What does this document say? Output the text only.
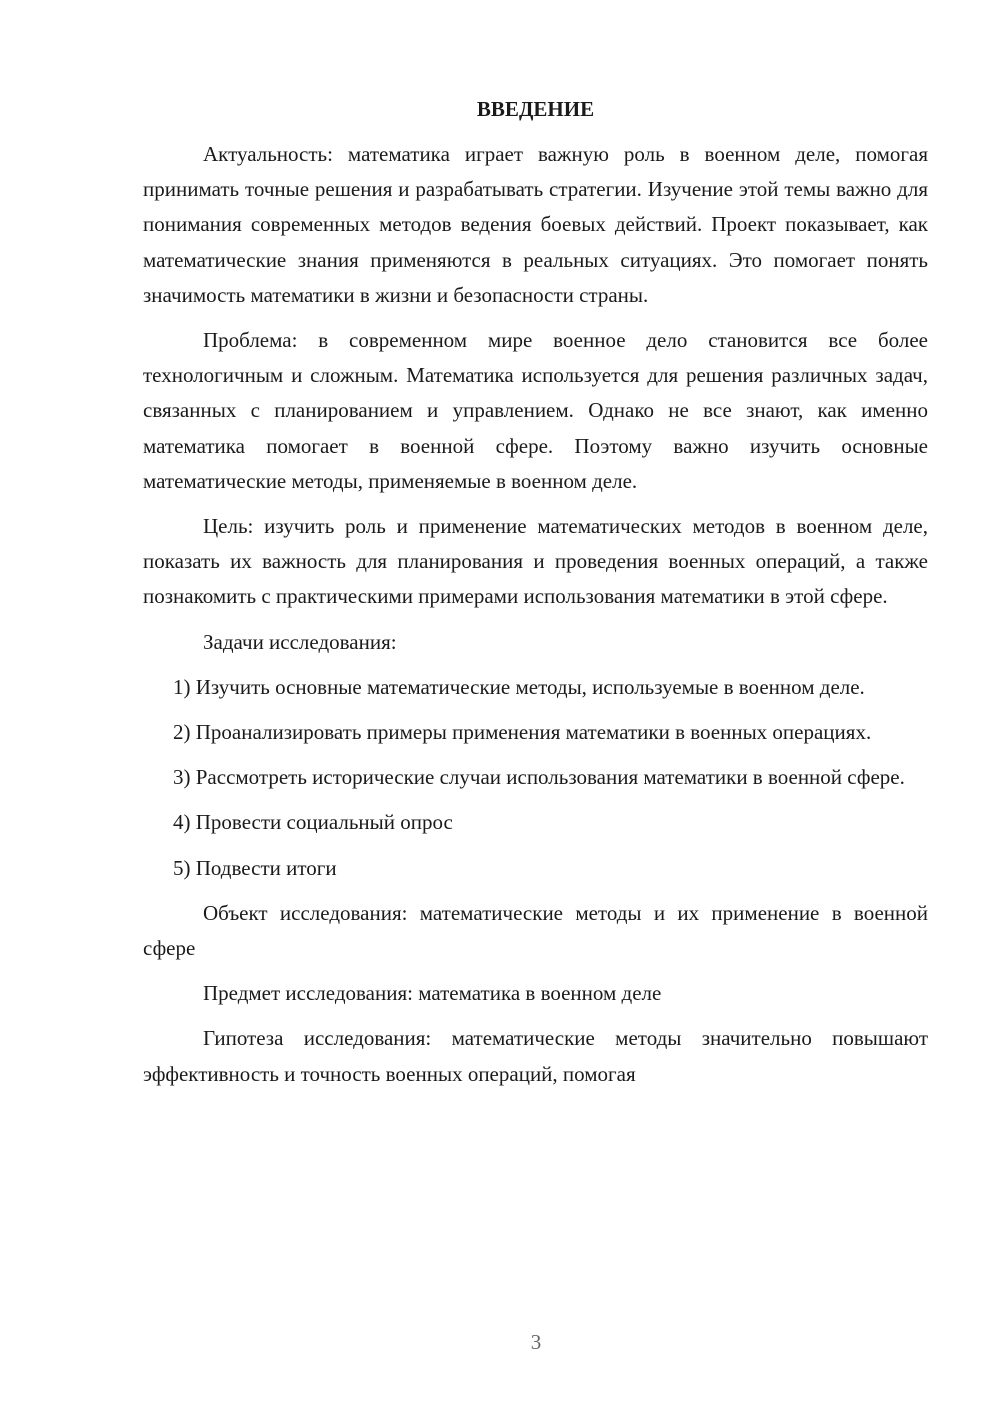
ВВЕДЕНИЕ

Актуальность: математика играет важную роль в военном деле, помогая принимать точные решения и разрабатывать стратегии. Изучение этой темы важно для понимания современных методов ведения боевых действий. Проект показывает, как математические знания применяются в реальных ситуациях. Это помогает понять значимость математики в жизни и безопасности страны.

Проблема: в современном мире военное дело становится все более технологичным и сложным. Математика используется для решения различных задач, связанных с планированием и управлением. Однако не все знают, как именно математика помогает в военной сфере. Поэтому важно изучить основные математические методы, применяемые в военном деле.

Цель: изучить роль и применение математических методов в военном деле, показать их важность для планирования и проведения военных операций, а также познакомить с практическими примерами использования математики в этой сфере.

Задачи исследования:

1) Изучить основные математические методы, используемые в военном деле.

2) Проанализировать примеры применения математики в военных операциях.

3) Рассмотреть исторические случаи использования математики в военной сфере.

4) Провести социальный опрос

5) Подвести итоги

Объект исследования: математические методы и их применение в военной сфере

Предмет исследования: математика в военном деле

Гипотеза исследования: математические методы значительно повышают эффективность и точность военных операций, помогая

3
